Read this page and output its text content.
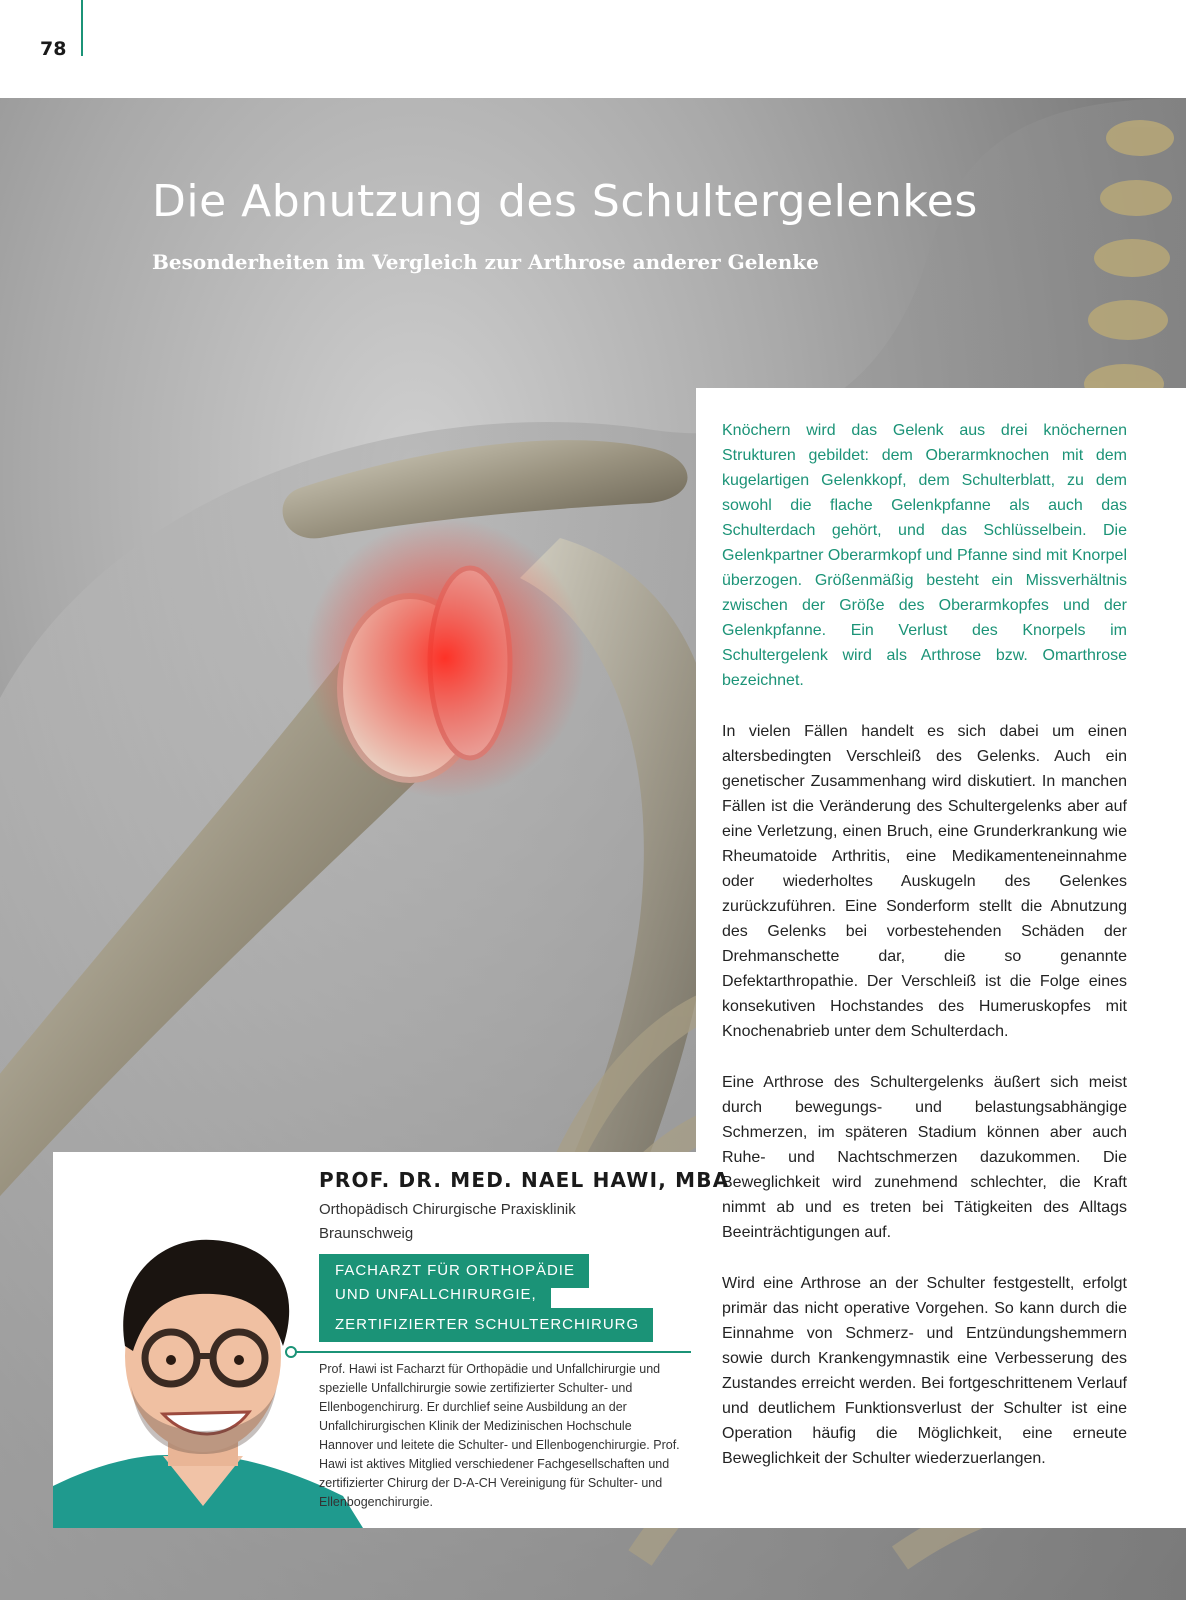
78
Die Abnutzung des Schultergelenkes
Besonderheiten im Vergleich zur Arthrose anderer Gelenke

Knöchern wird das Gelenk aus drei knöchernen Strukturen gebildet: dem Oberarmknochen mit dem kugelartigen Gelenkkopf, dem Schulterblatt, zu dem sowohl die flache Gelenkpfanne als auch das Schulterdach gehört, und das Schlüsselbein. Die Gelenkpartner Oberarmkopf und Pfanne sind mit Knorpel überzogen. Größenmäßig besteht ein Missverhältnis zwischen der Größe des Oberarmkopfes und der Gelenkpfanne. Ein Verlust des Knorpels im Schultergelenk wird als Arthrose bzw. Omarthrose bezeichnet.

In vielen Fällen handelt es sich dabei um einen altersbedingten Verschleiß des Gelenks. Auch ein genetischer Zusammenhang wird diskutiert. In manchen Fällen ist die Veränderung des Schultergelenks aber auf eine Verletzung, einen Bruch, eine Grunderkrankung wie Rheumatoide Arthritis, eine Medikamenteneinnahme oder wiederholtes Auskugeln des Gelenkes zurückzuführen. Eine Sonderform stellt die Abnutzung des Gelenks bei vorbestehenden Schäden der Drehmanschette dar, die so genannte Defektarthropathie. Der Verschleiß ist die Folge eines konsekutiven Hochstandes des Humeruskopfes mit Knochenabrieb unter dem Schulterdach.

Eine Arthrose des Schultergelenks äußert sich meist durch bewegungs- und belastungsabhängige Schmerzen, im späteren Stadium können aber auch Ruhe- und Nachtschmerzen dazukommen. Die Beweglichkeit wird zunehmend schlechter, die Kraft nimmt ab und es treten bei Tätigkeiten des Alltags Beeinträchtigungen auf.

Wird eine Arthrose an der Schulter festgestellt, erfolgt primär das nicht operative Vorgehen. So kann durch die Einnahme von Schmerz- und Entzündungshemmern sowie durch Krankengymnastik eine Verbesserung des Zustandes erreicht werden. Bei fortgeschrittenem Verlauf und deutlichem Funktionsverlust der Schulter ist eine Operation häufig die Möglichkeit, eine erneute Beweglichkeit der Schulter wiederzuerlangen.

PROF. DR. MED. NAEL HAWI, MBA
Orthopädisch Chirurgische Praxisklinik
Braunschweig
FACHARZT FÜR ORTHOPÄDIE
UND UNFALLCHIRURGIE,
ZERTIFIZIERTER SCHULTERCHIRURG

Prof. Hawi ist Facharzt für Orthopädie und Unfallchirurgie und spezielle Unfallchirurgie sowie zertifizierter Schulter- und Ellenbogenchirurg. Er durchlief seine Ausbildung an der Unfallchirurgischen Klinik der Medizinischen Hochschule Hannover und leitete die Schulter- und Ellenbogenchirurgie. Prof. Hawi ist aktives Mitglied verschiedener Fachgesellschaften und zertifizierter Chirurg der D-A-CH Vereinigung für Schulter- und Ellenbogenchirurgie.
